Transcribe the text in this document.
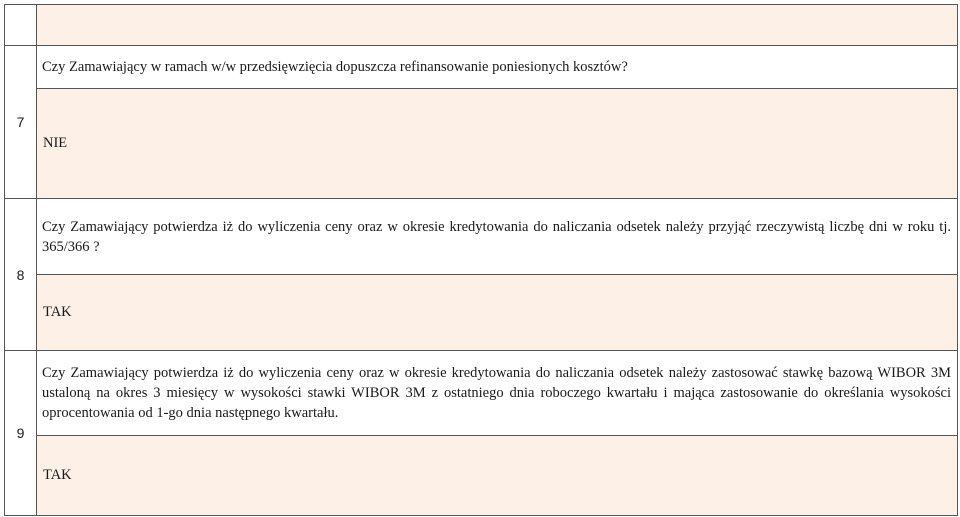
7	Czy Zamawiający w ramach w/w przedsięwzięcia dopuszcza refinansowanie poniesionych kosztów?
	NIE
8	Czy Zamawiający potwierdza iż do wyliczenia ceny oraz w okresie kredytowania do naliczania odsetek należy przyjąć rzeczywistą liczbę dni w roku tj. 365/366 ?
	TAK
9	Czy Zamawiający potwierdza iż do wyliczenia ceny oraz w okresie kredytowania do naliczania odsetek należy zastosować stawkę bazową WIBOR 3M ustaloną na okres 3 miesięcy w wysokości stawki WIBOR 3M z ostatniego dnia roboczego kwartału i mająca zastosowanie do określania wysokości oprocentowania od 1-go dnia następnego kwartału.
	TAK
